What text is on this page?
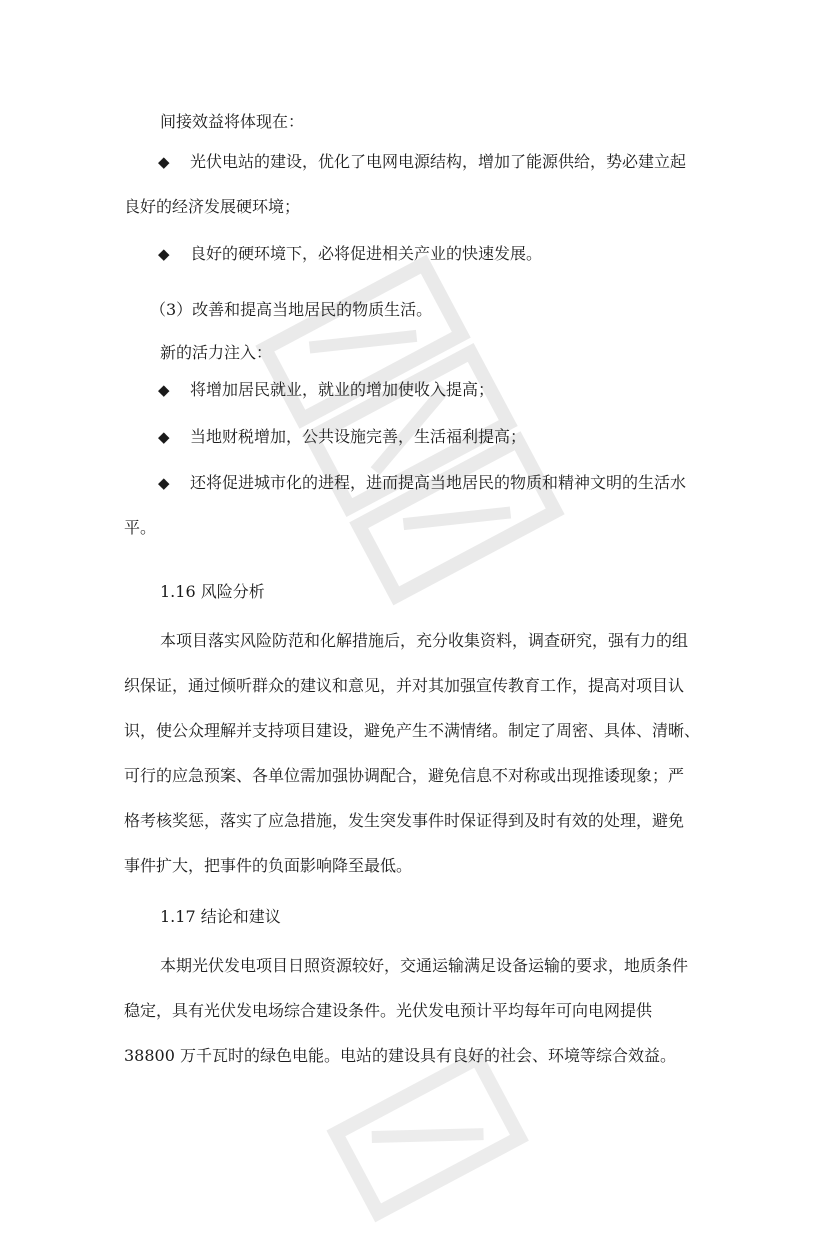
间接效益将体现在：
◆ 光伏电站的建设，优化了电网电源结构，增加了能源供给，势必建立起
良好的经济发展硬环境；
◆ 良好的硬环境下，必将促进相关产业的快速发展。
（3）改善和提高当地居民的物质生活。
新的活力注入：
◆ 将增加居民就业，就业的增加使收入提高；
◆ 当地财税增加，公共设施完善，生活福利提高；
◆ 还将促进城市化的进程，进而提高当地居民的物质和精神文明的生活水
平。
1.16 风险分析
本项目落实风险防范和化解措施后，充分收集资料，调查研究，强有力的组
织保证，通过倾听群众的建议和意见，并对其加强宣传教育工作，提高对项目认
识，使公众理解并支持项目建设，避免产生不满情绪。制定了周密、具体、清晰、
可行的应急预案、各单位需加强协调配合，避免信息不对称或出现推诿现象；严
格考核奖惩，落实了应急措施，发生突发事件时保证得到及时有效的处理，避免
事件扩大，把事件的负面影响降至最低。
1.17 结论和建议
本期光伏发电项目日照资源较好，交通运输满足设备运输的要求，地质条件
稳定，具有光伏发电场综合建设条件。光伏发电预计平均每年可向电网提供
38800 万千瓦时的绿色电能。电站的建设具有良好的社会、环境等综合效益。
